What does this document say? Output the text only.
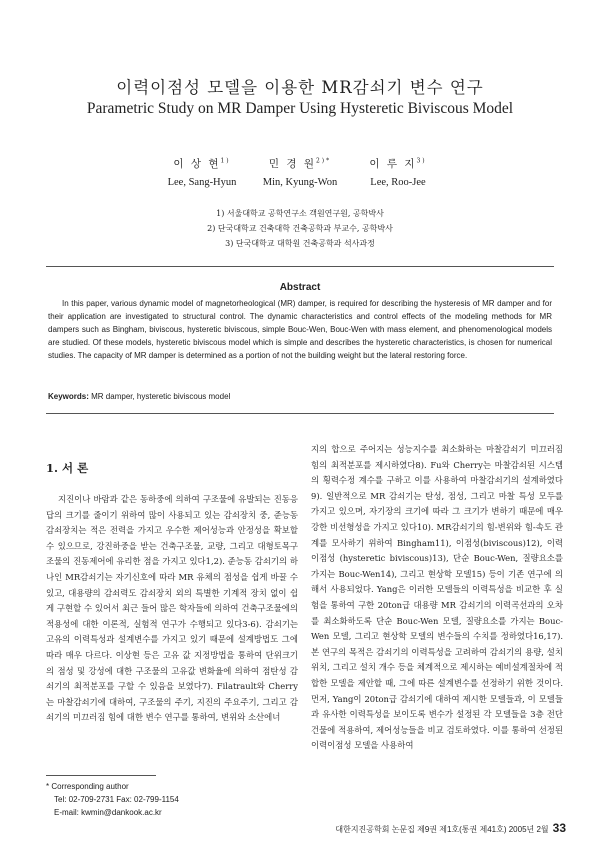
이력이점성 모델을 이용한 MR감쇠기 변수 연구
Parametric Study on MR Damper Using Hysteretic Biviscous Model
이 상 현$^{1)}$
Lee, Sang-Hyun
민 경 원$^{2)*}$
Min, Kyung-Won
이 루 지$^{3)}$
Lee, Roo-Jee
1) 서울대학교 공학연구소 객원연구원, 공학박사
2) 단국대학교 건축대학 건축공학과 부교수, 공학박사
3) 단국대학교 대학원 건축공학과 석사과정
Abstract
In this paper, various dynamic model of magnetorheological (MR) damper, is required for describing the hysteresis of MR damper and for their application are investigated to structural control. The dynamic characteristics and control effects of the modeling methods for MR dampers such as Bingham, biviscous, hysteretic biviscous, simple Bouc-Wen, Bouc-Wen with mass element, and phenomenological models are studied. Of these models, hysteretic biviscous model which is simple and describes the hysteretic characteristics, is chosen for numerical studies. The capacity of MR damper is determined as a portion of not the building weight but the lateral restoring force.
Keywords: MR damper, hysteretic biviscous model
1. 서 론

지진이나 바람과 같은 동하중에 의하여 구조물에 유발되는 진동응답의 크기를 줄이기 위하여 많이 사용되고 있는 감쇠장치 중, 준능동 감쇠장치는 적은 전력을 가지고 우수한 제어성능과 안정성을 확보할 수 있으므로, 강진하중을 받는 건축구조물, 교량, 그리고 대형토목구조물의 진동제어에 유리한 점을 가지고 있다1,2). 준능동 감쇠기의 하나인 MR감쇠기는 자기신호에 따라 MR 유체의 점성을 쉽게 바꿀 수 있고, 대용량의 감쇠력도 감쇠장치 외의 특별한 기계적 장치 없이 쉽게 구현할 수 있어서 최근 들어 많은 학자들에 의하여 건축구조물에의 적용성에 대한 이론적, 실험적 연구가 수행되고 있다3-6). 감쇠기는 고유의 이력특성과 설계변수를 가지고 있기 때문에 설계방법도 그에 따라 매우 다르다. 이상현 등은 고유 값 지정방법을 통하여 단위크기의 점성 및 강성에 대한 구조물의 고유값 변화율에 의하여 점탄성 감쇠기의 최적분포를 구할 수 있음을 보였다7). Filatrault와 Cherry는 마찰감쇠기에 대하여, 구조물의 주기, 지진의 주요주기, 그리고 감쇠기의 미끄러짐 힘에 대한 변수 연구를 통하여, 변위와 소산에너

지의 합으로 주어지는 성능지수를 최소화하는 마찰감쇠기 미끄러짐 힘의 최적분포를 제시하였다8). Fu와 Cherry는 마찰감쇠된 시스템의 횡력수정 계수를 구하고 이를 사용하여 마찰감쇠기의 설계하였다9). 일반적으로 MR 감쇠기는 탄성, 점성, 그리고 마찰 특성 모두를 가지고 있으며, 자기장의 크기에 따라 그 크기가 변하기 때문에 매우 강한 비선형성을 가지고 있다10). MR감쇠기의 힘-변위와 힘-속도 관계를 모사하기 위하여 Bingham11), 이점성(biviscous)12), 이력 이점성 (hysteretic biviscous)13), 단순 Bouc-Wen, 질량요소를 가지는 Bouc-Wen14), 그리고 현상학 모델15) 등이 기존 연구에 의해서 사용되었다. Yang은 이러한 모델들의 이력특성을 비교한 후 실험을 통하여 구한 20ton급 대용량 MR 감쇠기의 이력곡선과의 오차를 최소화하도록 단순 Bouc-Wen 모델, 질량요소를 가지는 Bouc-Wen 모델, 그리고 현상학 모델의 변수들의 수치를 정하였다16,17). 본 연구의 목적은 감쇠기의 이력특성을 고려하여 감쇠기의 용량, 설치위치, 그리고 설치 개수 등을 체계적으로 제시하는 예비설계절차에 적합한 모델을 제안할 때, 그에 따른 설계변수를 선정하기 위한 것이다. 먼저, Yang이 20ton급 감쇠기에 대하여 제시한 모델들과, 이 모델들과 유사한 이력특성을 보이도록 변수가 설정된 각 모델들을 3층 전단건물에 적용하여, 제어성능들을 비교 검토하였다. 이를 통하여 선정된 이력이점성 모델을 사용하여

* Corresponding author
Tel: 02-709-2731 Fax: 02-799-1154
E-mail: kwmin@dankook.ac.kr
대한지진공학회 논문집 제9권 제1호(통권 제41호) 2005년 2월 33
